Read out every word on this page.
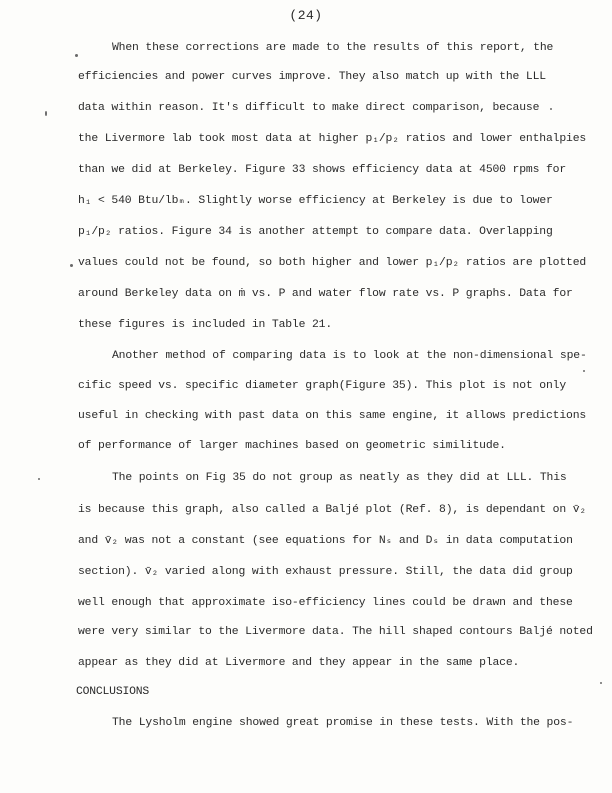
(24)
When these corrections are made to the results of this report, the
efficiencies and power curves improve. They also match up with the LLL
data within reason. It's difficult to make direct comparison, because
the Livermore lab took most data at higher p₁/p₂ ratios and lower enthalpies
than we did at Berkeley. Figure 33 shows efficiency data at 4500 rpms for
h₁ < 540 Btu/lbₘ. Slightly worse efficiency at Berkeley is due to lower
p₁/p₂ ratios. Figure 34 is another attempt to compare data. Overlapping
values could not be found, so both higher and lower p₁/p₂ ratios are plotted
around Berkeley data on ṁ vs. P and water flow rate vs. P graphs. Data for
these figures is included in Table 21.
Another method of comparing data is to look at the non-dimensional spe-
cific speed vs. specific diameter graph(Figure 35). This plot is not only
useful in checking with past data on this same engine, it allows predictions
of performance of larger machines based on geometric similitude.
The points on Fig 35 do not group as neatly as they did at LLL. This
is because this graph, also called a Baljé plot (Ref. 8), is dependant on v̄₂
and v̄₂ was not a constant (see equations for Nₛ and Dₛ in data computation
section). v̄₂ varied along with exhaust pressure. Still, the data did group
well enough that approximate iso-efficiency lines could be drawn and these
were very similar to the Livermore data. The hill shaped contours Baljé noted
appear as they did at Livermore and they appear in the same place.
CONCLUSIONS
The Lysholm engine showed great promise in these tests. With the pos-
